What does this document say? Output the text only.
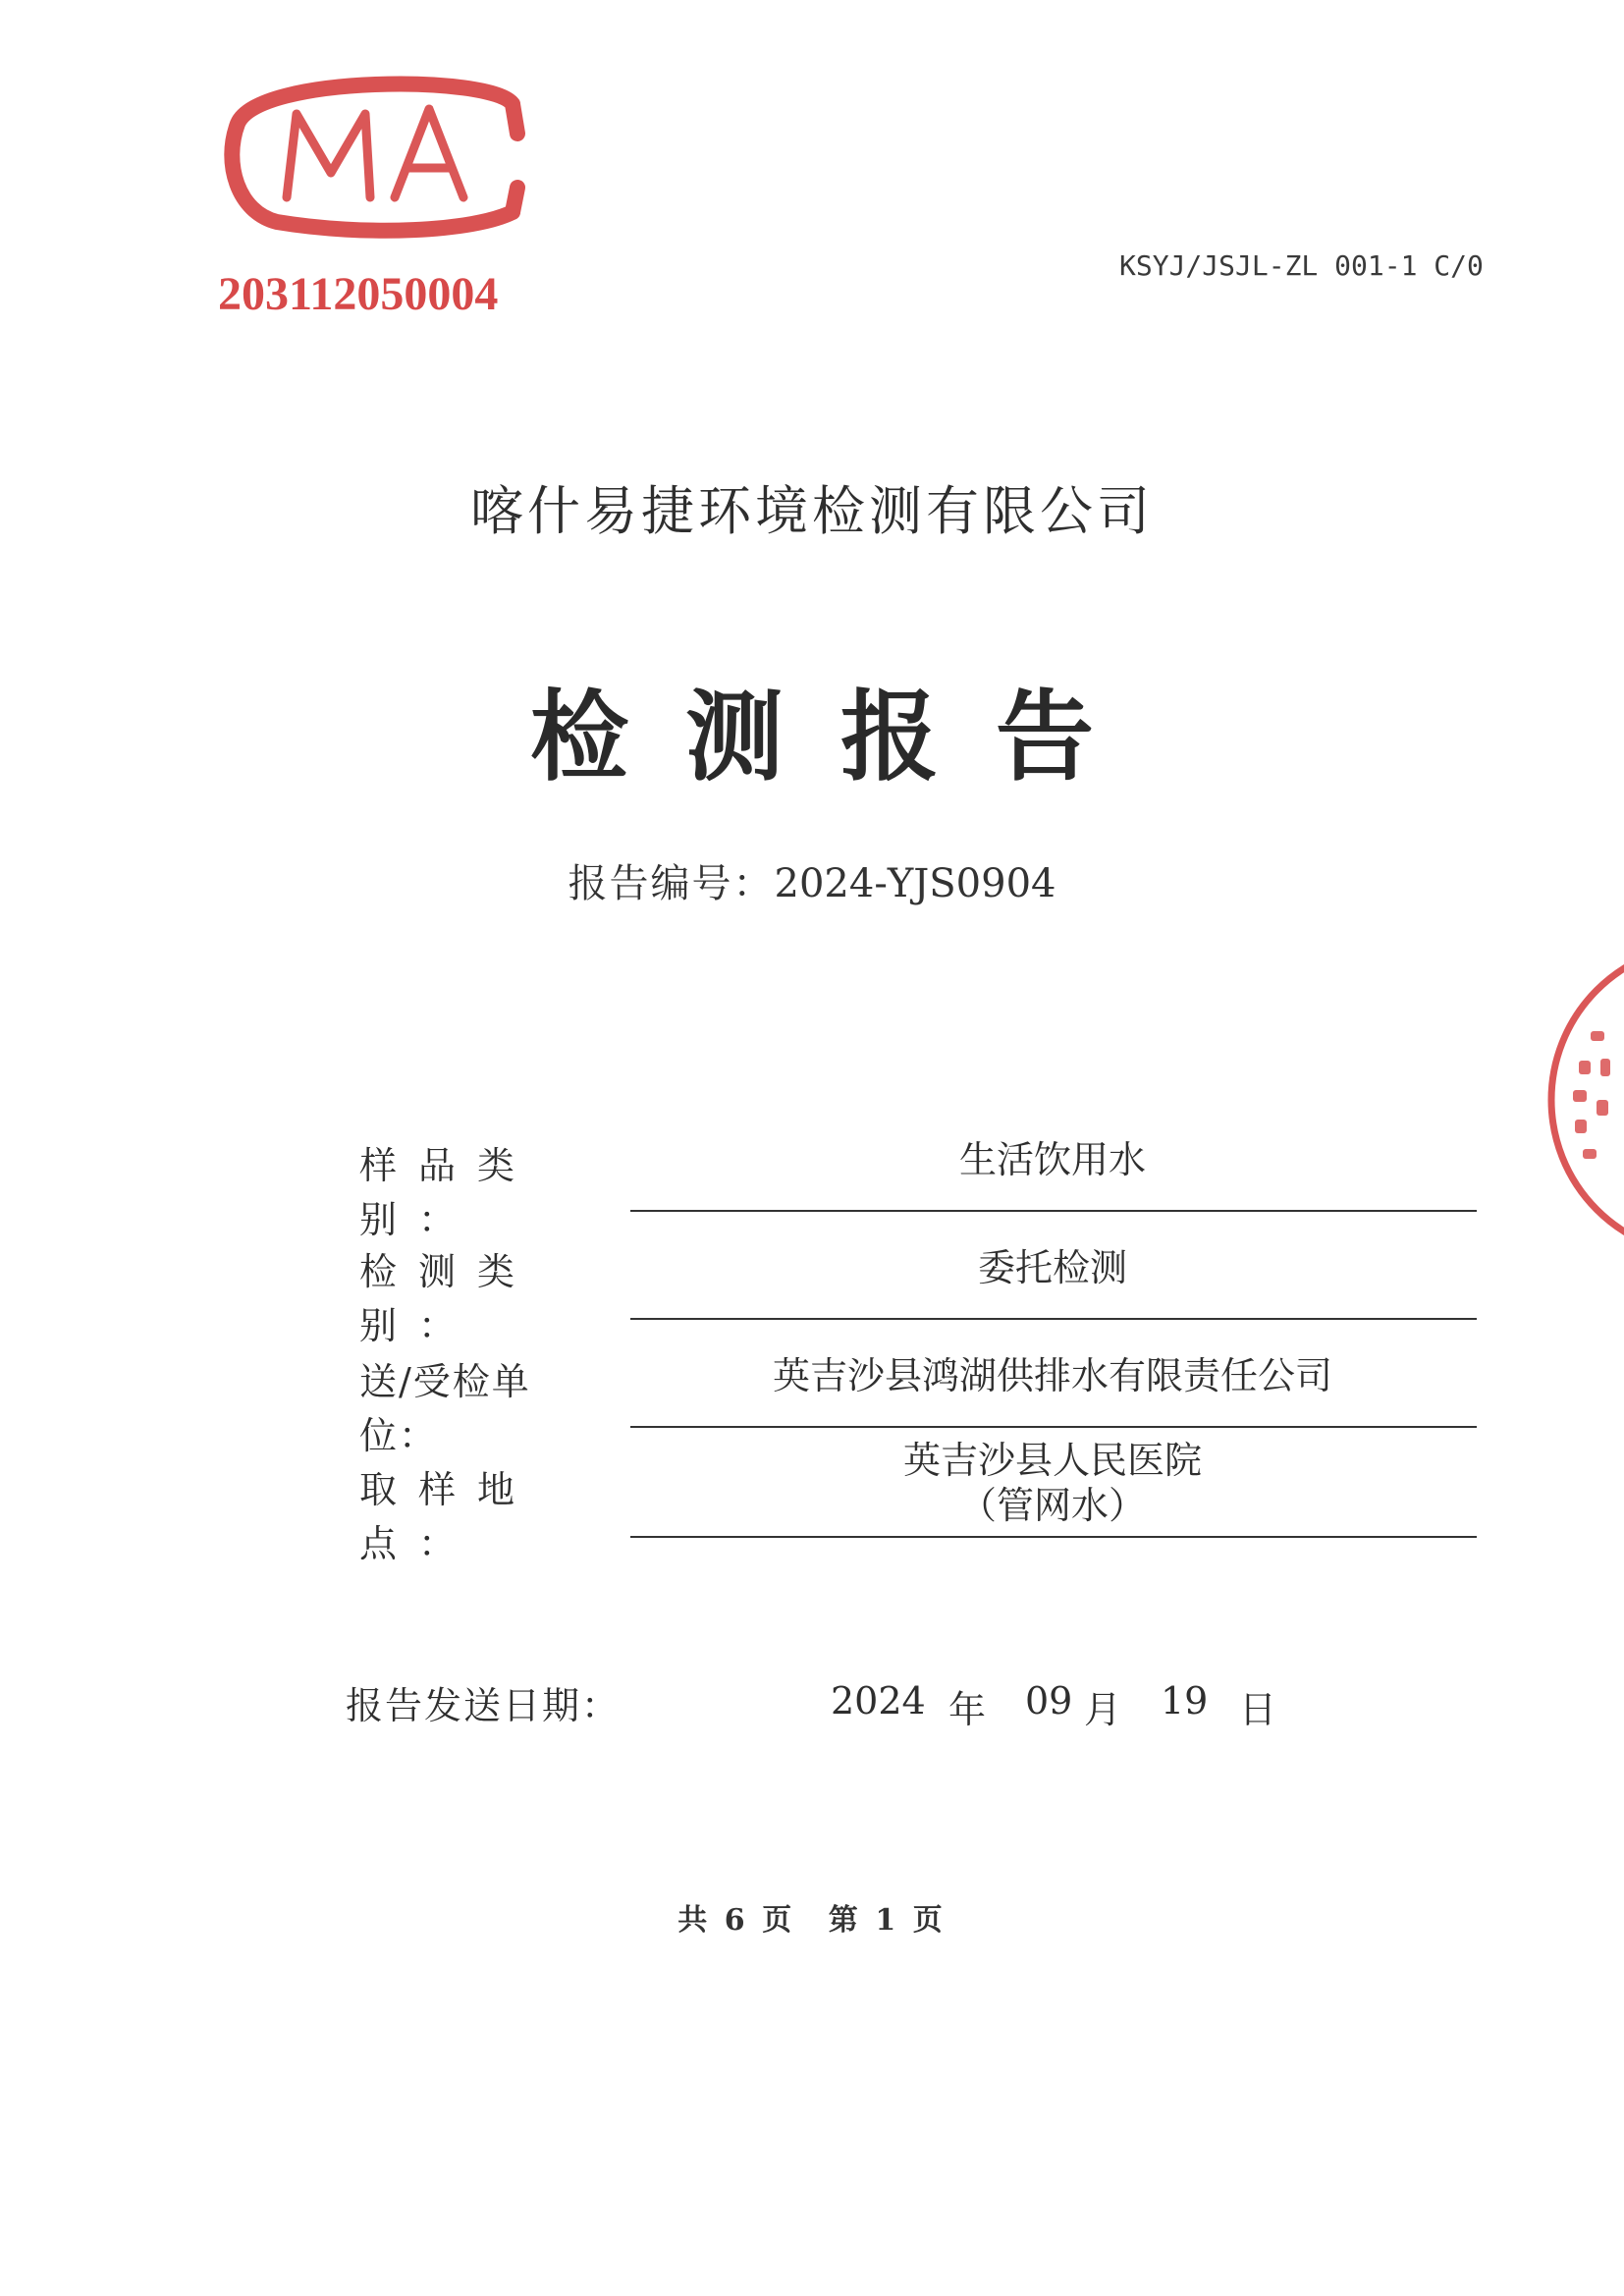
203112050004
KSYJ/JSJL-ZL 001-1 C/0
喀什易捷环境检测有限公司
检测报告
报告编号：2024-YJS0904
样品类别：
生活饮用水
检测类别：
委托检测
送/受检单位：
英吉沙县鸿湖供排水有限责任公司
取样地点：
英吉沙县人民医院
（管网水）
报告发送日期：	2024 年 09 月 19 日
共 6 页 第 1 页
